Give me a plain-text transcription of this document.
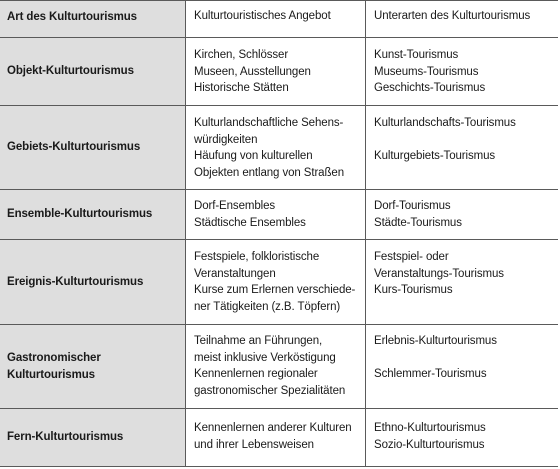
Art des Kulturtourismus	Kulturtouristisches Angebot	Unterarten des Kulturtourismus
Objekt-Kulturtourismus
Kirchen, Schlösser
Museen, Ausstellungen
Historische Stätten
Kunst-Tourismus
Museums-Tourismus
Geschichts-Tourismus
Gebiets-Kulturtourismus
Kulturlandschaftliche Sehens-
würdigkeiten
Häufung von kulturellen
Objekten entlang von Straßen
Kulturlandschafts-Tourismus
Kulturgebiets-Tourismus
Ensemble-Kulturtourismus
Dorf-Ensembles
Städtische Ensembles
Dorf-Tourismus
Städte-Tourismus
Ereignis-Kulturtourismus
Festspiele, folkloristische
Veranstaltungen
Kurse zum Erlernen verschiede-
ner Tätigkeiten (z.B. Töpfern)
Festspiel- oder
Veranstaltungs-Tourismus
Kurs-Tourismus
Gastronomischer
Kulturtourismus
Teilnahme an Führungen,
meist inklusive Verköstigung
Kennenlernen regionaler
gastronomischer Spezialitäten
Erlebnis-Kulturtourismus
Schlemmer-Tourismus
Fern-Kulturtourismus
Kennenlernen anderer Kulturen
und ihrer Lebensweisen
Ethno-Kulturtourismus
Sozio-Kulturtourismus
